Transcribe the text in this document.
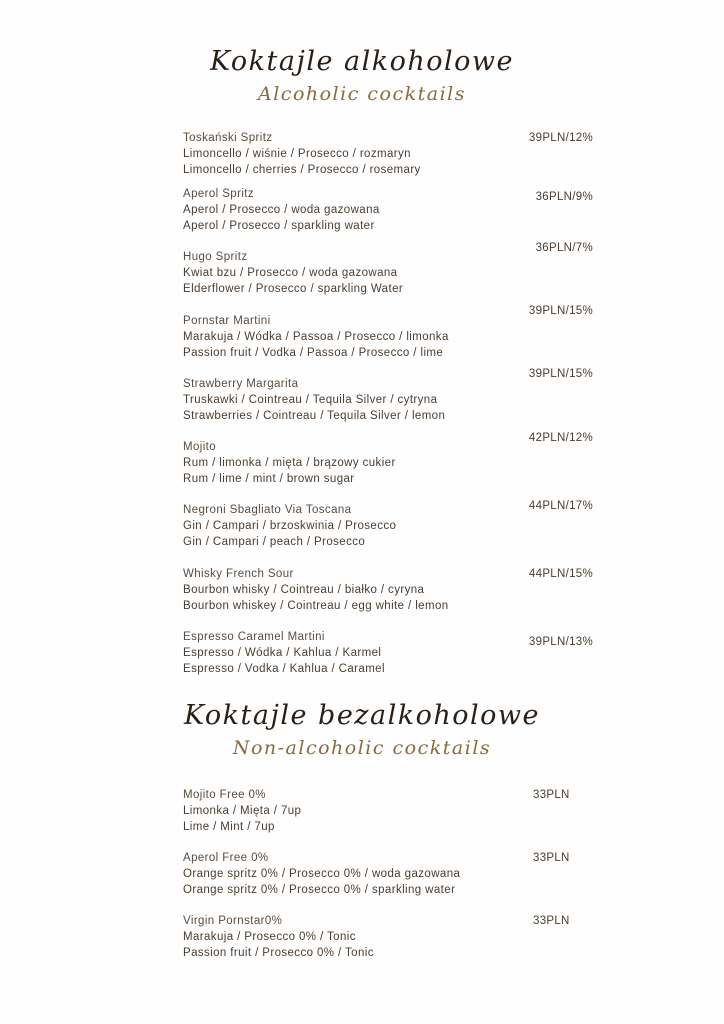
Koktajle alkoholowe
Alcoholic cocktails
Toskański Spritz
Limoncello / wiśnie / Prosecco / rozmaryn
Limoncello / cherries / Prosecco / rosemary
39PLN/12%
Aperol Spritz
Aperol / Prosecco / woda gazowana
Aperol / Prosecco / sparkling water
36PLN/9%
Hugo Spritz
Kwiat bzu / Prosecco / woda gazowana
Elderflower / Prosecco / sparkling Water
36PLN/7%
Pornstar Martini
Marakuja / Wódka / Passoa / Prosecco / limonka
Passion fruit / Vodka / Passoa / Prosecco / lime
39PLN/15%
Strawberry Margarita
Truskawki / Cointreau / Tequila Silver / cytryna
Strawberries / Cointreau / Tequila Silver / lemon
39PLN/15%
Mojito
Rum / limonka / mięta / brązowy cukier
Rum / lime / mint / brown sugar
42PLN/12%
Negroni Sbagliato Via Toscana
Gin / Campari / brzoskwinia / Prosecco
Gin / Campari / peach / Prosecco
44PLN/17%
Whisky French Sour
Bourbon whisky / Cointreau / białko / cyryna
Bourbon whiskey / Cointreau / egg white / lemon
44PLN/15%
Espresso Caramel Martini
Espresso / Wódka / Kahlua / Karmel
Espresso / Vodka / Kahlua / Caramel
39PLN/13%
Koktajle bezalkoholowe
Non-alcoholic cocktails
Mojito Free 0%
Limonka / Mięta / 7up
Lime / Mint / 7up
33PLN
Aperol Free 0%
Orange spritz 0% / Prosecco 0% / woda gazowana
Orange spritz 0% / Prosecco 0% / sparkling water
33PLN
Virgin Pornstar0%
Marakuja / Prosecco 0% / Tonic
Passion fruit / Prosecco 0% / Tonic
33PLN
